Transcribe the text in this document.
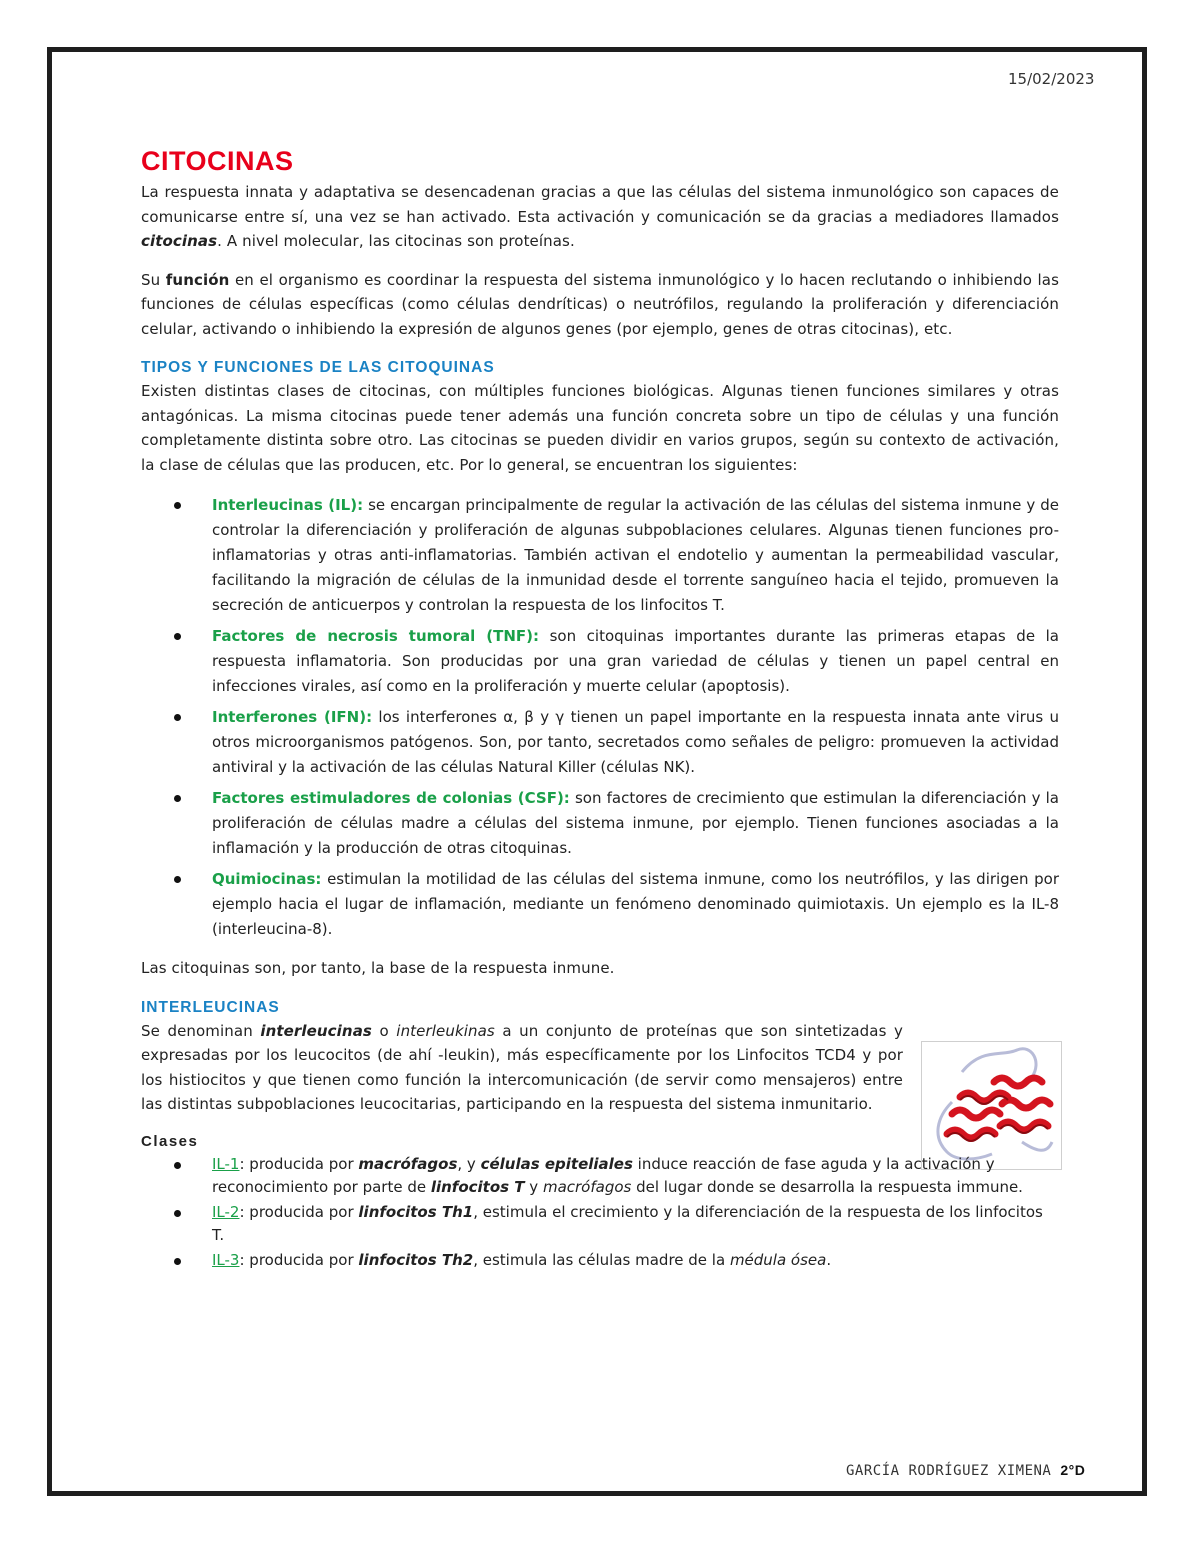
15/02/2023
CITOCINAS

La respuesta innata y adaptativa se desencadenan gracias a que las células del sistema inmunológico son capaces de comunicarse entre sí, una vez se han activado. Esta activación y comunicación se da gracias a mediadores llamados citocinas. A nivel molecular, las citocinas son proteínas.

Su función en el organismo es coordinar la respuesta del sistema inmunológico y lo hacen reclutando o inhibiendo las funciones de células específicas (como células dendríticas) o neutrófilos, regulando la proliferación y diferenciación celular, activando o inhibiendo la expresión de algunos genes (por ejemplo, genes de otras citocinas), etc.

TIPOS Y FUNCIONES DE LAS CITOQUINAS

Existen distintas clases de citocinas, con múltiples funciones biológicas. Algunas tienen funciones similares y otras antagónicas. La misma citocinas puede tener además una función concreta sobre un tipo de células y una función completamente distinta sobre otro. Las citocinas se pueden dividir en varios grupos, según su contexto de activación, la clase de células que las producen, etc. Por lo general, se encuentran los siguientes:

Interleucinas (IL): se encargan principalmente de regular la activación de las células del sistema inmune y de controlar la diferenciación y proliferación de algunas subpoblaciones celulares. Algunas tienen funciones pro-inflamatorias y otras anti-inflamatorias. También activan el endotelio y aumentan la permeabilidad vascular, facilitando la migración de células de la inmunidad desde el torrente sanguíneo hacia el tejido, promueven la secreción de anticuerpos y controlan la respuesta de los linfocitos T.
Factores de necrosis tumoral (TNF): son citoquinas importantes durante las primeras etapas de la respuesta inflamatoria. Son producidas por una gran variedad de células y tienen un papel central en infecciones virales, así como en la proliferación y muerte celular (apoptosis).
Interferones (IFN): los interferones α, β y γ tienen un papel importante en la respuesta innata ante virus u otros microorganismos patógenos. Son, por tanto, secretados como señales de peligro: promueven la actividad antiviral y la activación de las células Natural Killer (células NK).
Factores estimuladores de colonias (CSF): son factores de crecimiento que estimulan la diferenciación y la proliferación de células madre a células del sistema inmune, por ejemplo. Tienen funciones asociadas a la inflamación y la producción de otras citoquinas.
Quimiocinas: estimulan la motilidad de las células del sistema inmune, como los neutrófilos, y las dirigen por ejemplo hacia el lugar de inflamación, mediante un fenómeno denominado quimiotaxis. Un ejemplo es la IL-8 (interleucina-8).

Las citoquinas son, por tanto, la base de la respuesta inmune.

INTERLEUCINAS

Se denominan interleucinas o interleukinas a un conjunto de proteínas que son sintetizadas y expresadas por los leucocitos (de ahí -leukin), más específicamente por los Linfocitos TCD4 y por los histiocitos y que tienen como función la intercomunicación (de servir como mensajeros) entre las distintas subpoblaciones leucocitarias, participando en la respuesta del sistema inmunitario.

Clases
IL-1: producida por macrófagos, y células epiteliales induce reacción de fase aguda y la activación y reconocimiento por parte de linfocitos T y macrófagos del lugar donde se desarrolla la respuesta immune.
IL-2: producida por linfocitos Th1, estimula el crecimiento y la diferenciación de la respuesta de los linfocitos T.
IL-3: producida por linfocitos Th2, estimula las células madre de la médula ósea.
GARCÍA RODRÍGUEZ XIMENA 2°D
